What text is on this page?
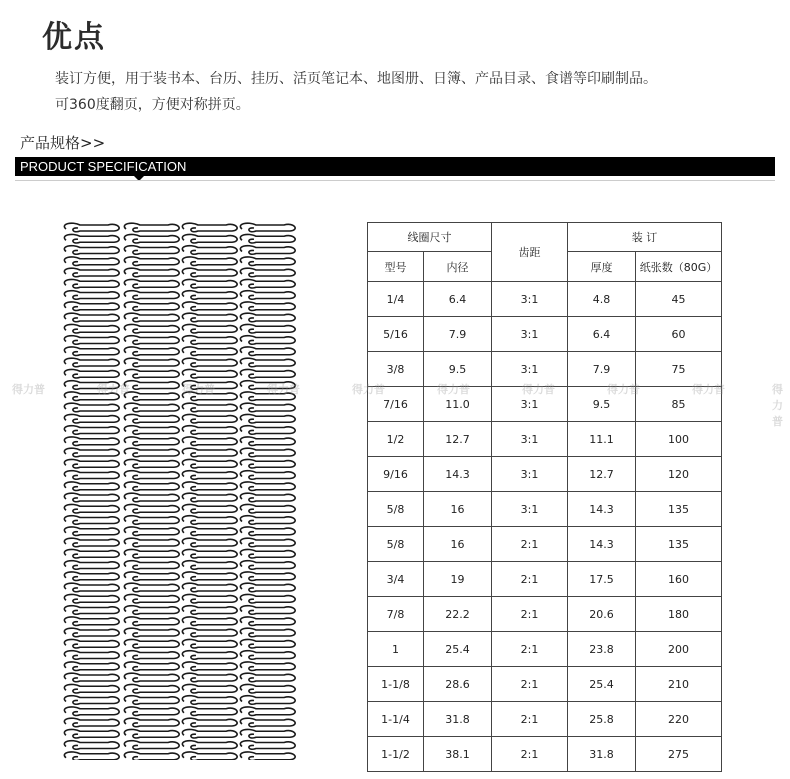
优点
装订方便，用于装书本、台历、挂历、活页笔记本、地图册、日簿、产品目录、食谱等印刷制品。
可360度翻页，方便对称拼页。
产品规格>>
PRODUCT SPECIFICATION
线圈尺寸		齿距	装 订	
型号	内径		厚度	纸张数（80G）
1/4	6.4	3:1	4.8	45
5/16	7.9	3:1	6.4	60
3/8	9.5	3:1	7.9	75
7/16	11.0	3:1	9.5	85
1/2	12.7	3:1	11.1	100
9/16	14.3	3:1	12.7	120
5/8	16	3:1	14.3	135
5/8	16	2:1	14.3	135
3/4	19	2:1	17.5	160
7/8	22.2	2:1	20.6	180
1	25.4	2:1	23.8	200
1-1/8	28.6	2:1	25.4	210
1-1/4	31.8	2:1	25.8	220
1-1/2	38.1	2:1	31.8	275
得力普	得力普	得力普	得力普	得力普	得力普	得力普	得力普	得力普	得力普
